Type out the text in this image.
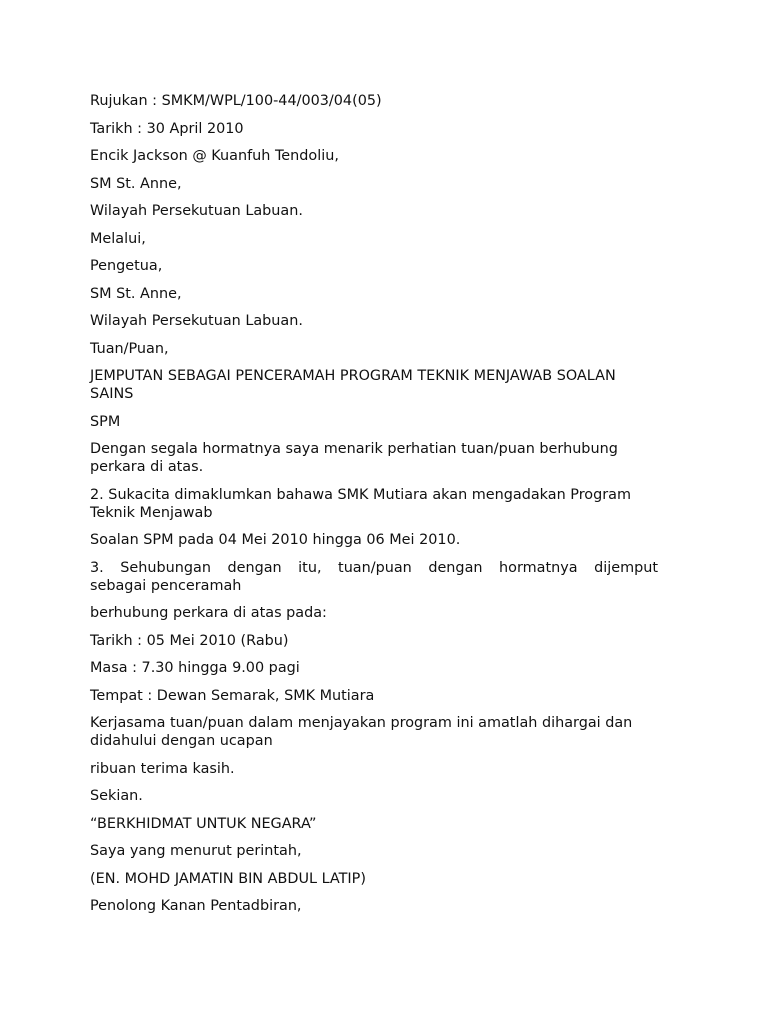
Rujukan : SMKM/WPL/100-44/003/04(05)

Tarikh : 30 April 2010

Encik Jackson @ Kuanfuh Tendoliu,

SM St. Anne,

Wilayah Persekutuan Labuan.

Melalui,

Pengetua,

SM St. Anne,

Wilayah Persekutuan Labuan.

Tuan/Puan,

JEMPUTAN SEBAGAI PENCERAMAH PROGRAM TEKNIK MENJAWAB SOALAN SAINS

SPM

Dengan segala hormatnya saya menarik perhatian tuan/puan berhubung perkara di atas.

2. Sukacita dimaklumkan bahawa SMK Mutiara akan mengadakan Program Teknik Menjawab

Soalan SPM pada 04 Mei 2010 hingga 06 Mei 2010.

3. Sehubungan dengan itu, tuan/puan dengan hormatnya dijemput
sebagai penceramah

berhubung perkara di atas pada:

Tarikh : 05 Mei 2010 (Rabu)

Masa : 7.30 hingga 9.00 pagi

Tempat : Dewan Semarak, SMK Mutiara

Kerjasama tuan/puan dalam menjayakan program ini amatlah dihargai dan didahului dengan ucapan

ribuan terima kasih.

Sekian.

“BERKHIDMAT UNTUK NEGARA”

Saya yang menurut perintah,

(EN. MOHD JAMATIN BIN ABDUL LATIP)

Penolong Kanan Pentadbiran,
